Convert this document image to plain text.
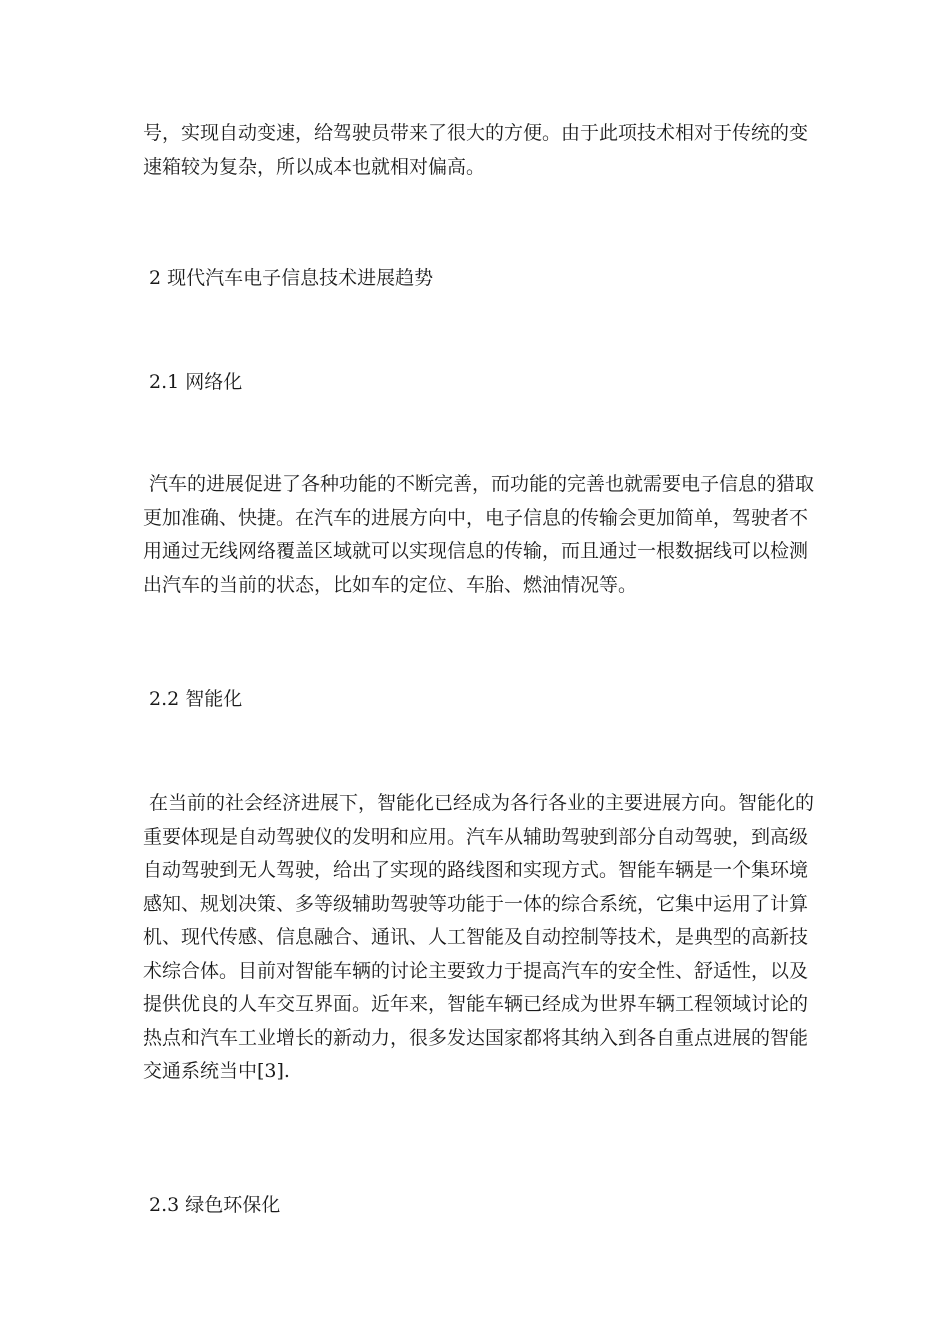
号，实现自动变速，给驾驶员带来了很大的方便。由于此项技术相对于传统的变速箱较为复杂，所以成本也就相对偏高。

2 现代汽车电子信息技术进展趋势

2.1 网络化

汽车的进展促进了各种功能的不断完善，而功能的完善也就需要电子信息的猎取更加准确、快捷。在汽车的进展方向中，电子信息的传输会更加简单，驾驶者不用通过无线网络覆盖区域就可以实现信息的传输，而且通过一根数据线可以检测出汽车的当前的状态，比如车的定位、车胎、燃油情况等。

2.2 智能化

在当前的社会经济进展下，智能化已经成为各行各业的主要进展方向。智能化的重要体现是自动驾驶仪的发明和应用。汽车从辅助驾驶到部分自动驾驶，到高级自动驾驶到无人驾驶，给出了实现的路线图和实现方式。智能车辆是一个集环境感知、规划决策、多等级辅助驾驶等功能于一体的综合系统，它集中运用了计算机、现代传感、信息融合、通讯、人工智能及自动控制等技术，是典型的高新技术综合体。目前对智能车辆的讨论主要致力于提高汽车的安全性、舒适性，以及提供优良的人车交互界面。近年来，智能车辆已经成为世界车辆工程领域讨论的热点和汽车工业增长的新动力，很多发达国家都将其纳入到各自重点进展的智能交通系统当中[3].

2.3 绿色环保化
